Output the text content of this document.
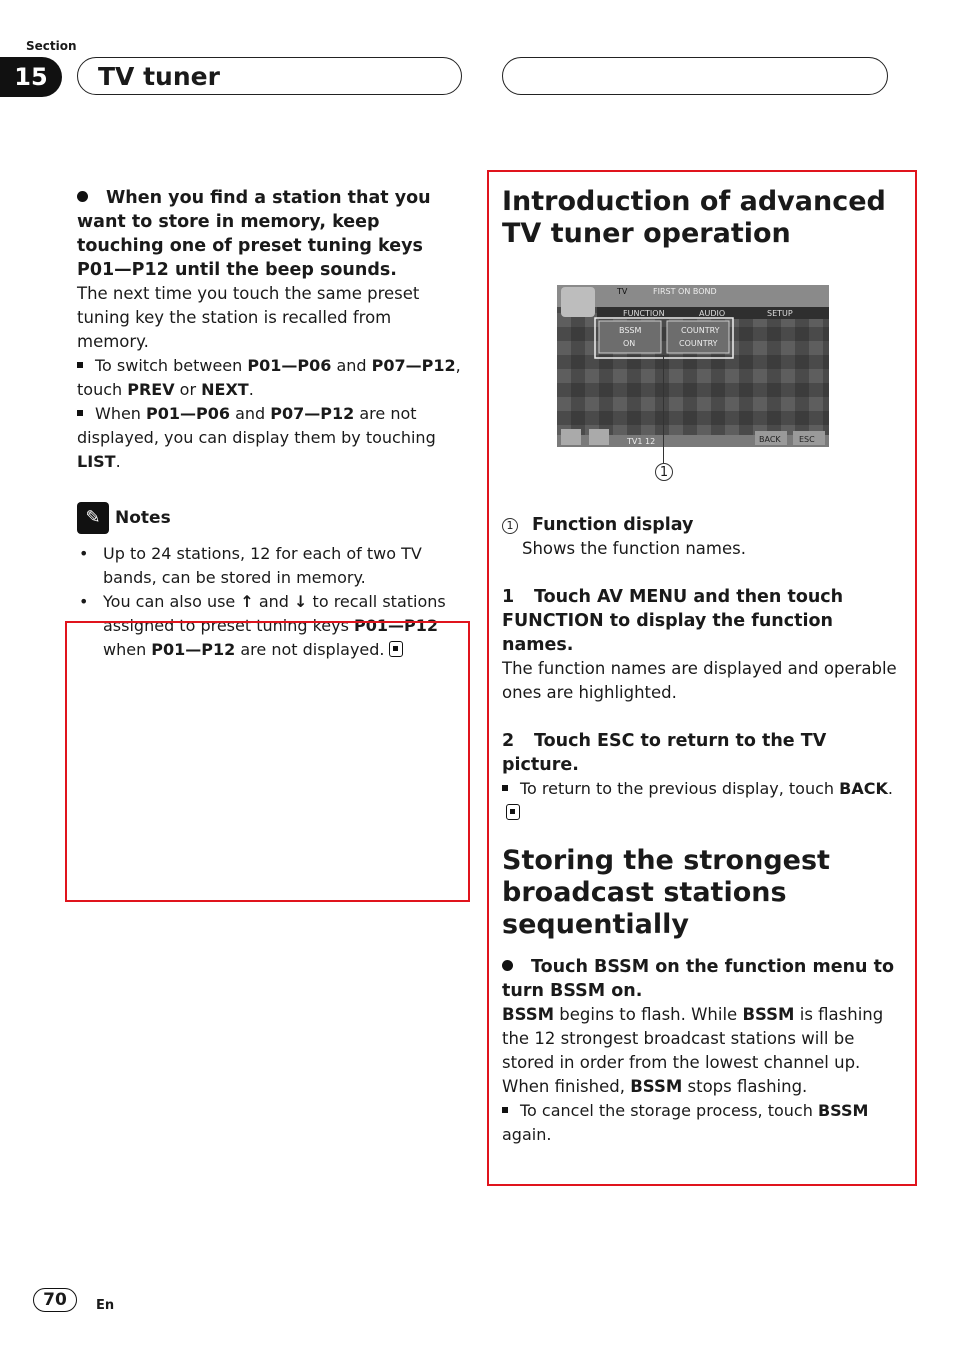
Section
15	TV tuner

When you find a station that you want to store in memory, keep touching one of preset tuning keys P01—P12 until the beep sounds.

The next time you touch the same preset tuning key the station is recalled from memory.

To switch between P01—P06 and P07—P12, touch PREV or NEXT.

When P01—P06 and P07—P12 are not displayed, you can display them by touching LIST.

✎ Notes
• Up to 24 stations, 12 for each of two TV bands, can be stored in memory.
• You can also use ↑ and ↓ to recall stations assigned to preset tuning keys P01—P12 when P01—P12 are not displayed.
Introduction of advanced TV tuner operation
TV	FIRST ON BOND
FUNCTION	AUDIO	SETUP
BSSM
ON
COUNTRY
COUNTRY
TV1 12	BACK ESC
1

1 Function display

Shows the function names.

1 Touch AV MENU and then touch FUNCTION to display the function names.

The function names are displayed and operable ones are highlighted.

2 Touch ESC to return to the TV picture.

To return to the previous display, touch BACK.

Storing the strongest broadcast stations sequentially

Touch BSSM on the function menu to turn BSSM on.

BSSM begins to flash. While BSSM is flashing the 12 strongest broadcast stations will be stored in order from the lowest channel up. When finished, BSSM stops flashing.

To cancel the storage process, touch BSSM again.

70	En
